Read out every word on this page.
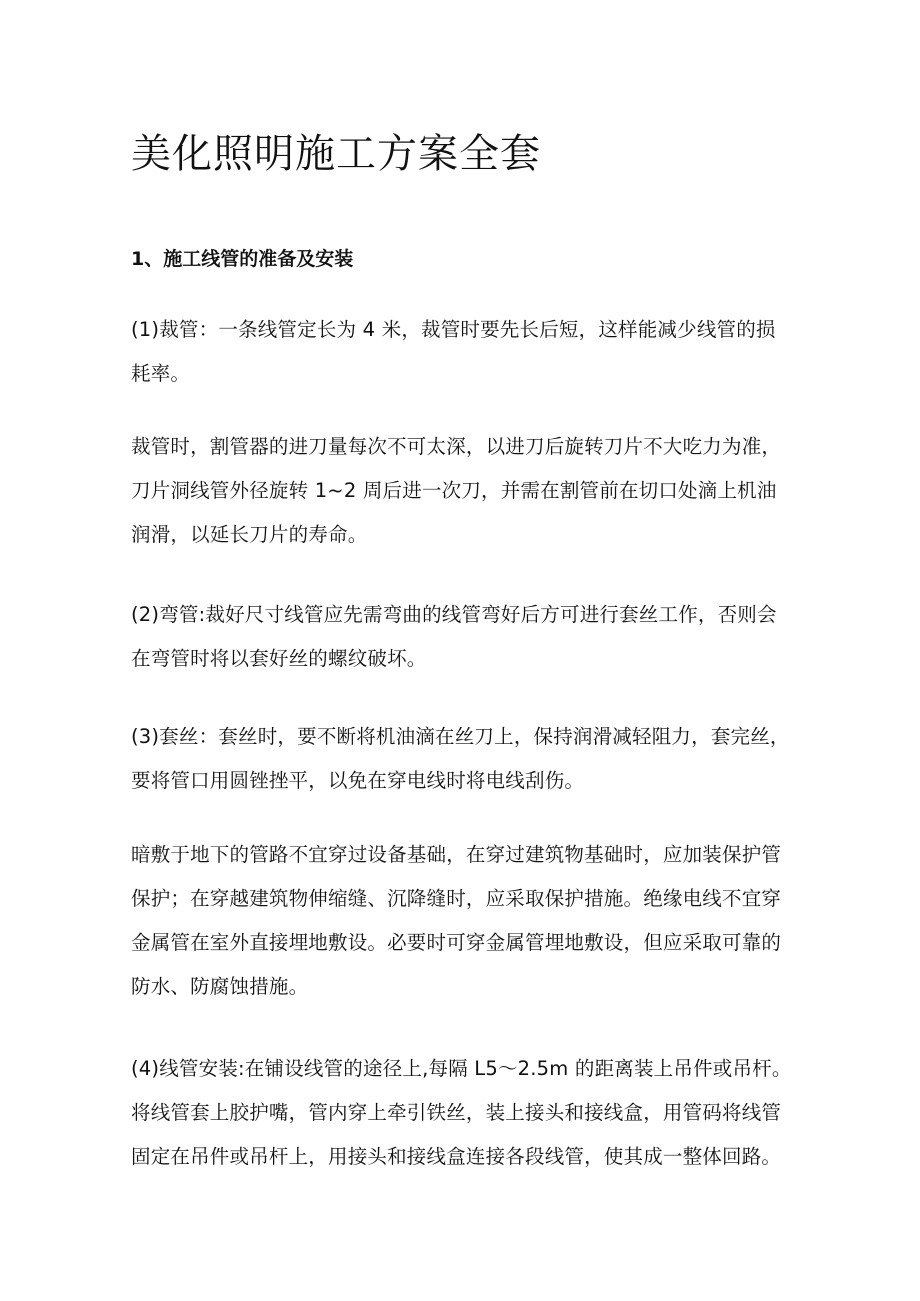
美化照明施工方案全套
1、施工线管的准备及安装

(1)裁管：一条线管定长为 4 米，裁管时要先长后短，这样能减少线管的损
耗率。

裁管时，割管器的进刀量每次不可太深，以进刀后旋转刀片不大吃力为准，
刀片洞线管外径旋转 1~2 周后进一次刀，并需在割管前在切口处滴上机油
润滑，以延长刀片的寿命。

(2)弯管:裁好尺寸线管应先需弯曲的线管弯好后方可进行套丝工作，否则会
在弯管时将以套好丝的螺纹破坏。

(3)套丝：套丝时，要不断将机油滴在丝刀上，保持润滑减轻阻力，套完丝，
要将管口用圆锉挫平，以免在穿电线时将电线刮伤。

暗敷于地下的管路不宜穿过设备基础，在穿过建筑物基础时，应加装保护管
保护；在穿越建筑物伸缩缝、沉降缝时，应采取保护措施。绝缘电线不宜穿
金属管在室外直接埋地敷设。必要时可穿金属管埋地敷设，但应采取可靠的
防水、防腐蚀措施。

(4)线管安装:在铺设线管的途径上,每隔 L5〜2.5m 的距离装上吊件或吊杆。
将线管套上胶护嘴，管内穿上牵引铁丝，装上接头和接线盒，用管码将线管
固定在吊件或吊杆上，用接头和接线盒连接各段线管，使其成一整体回路。
